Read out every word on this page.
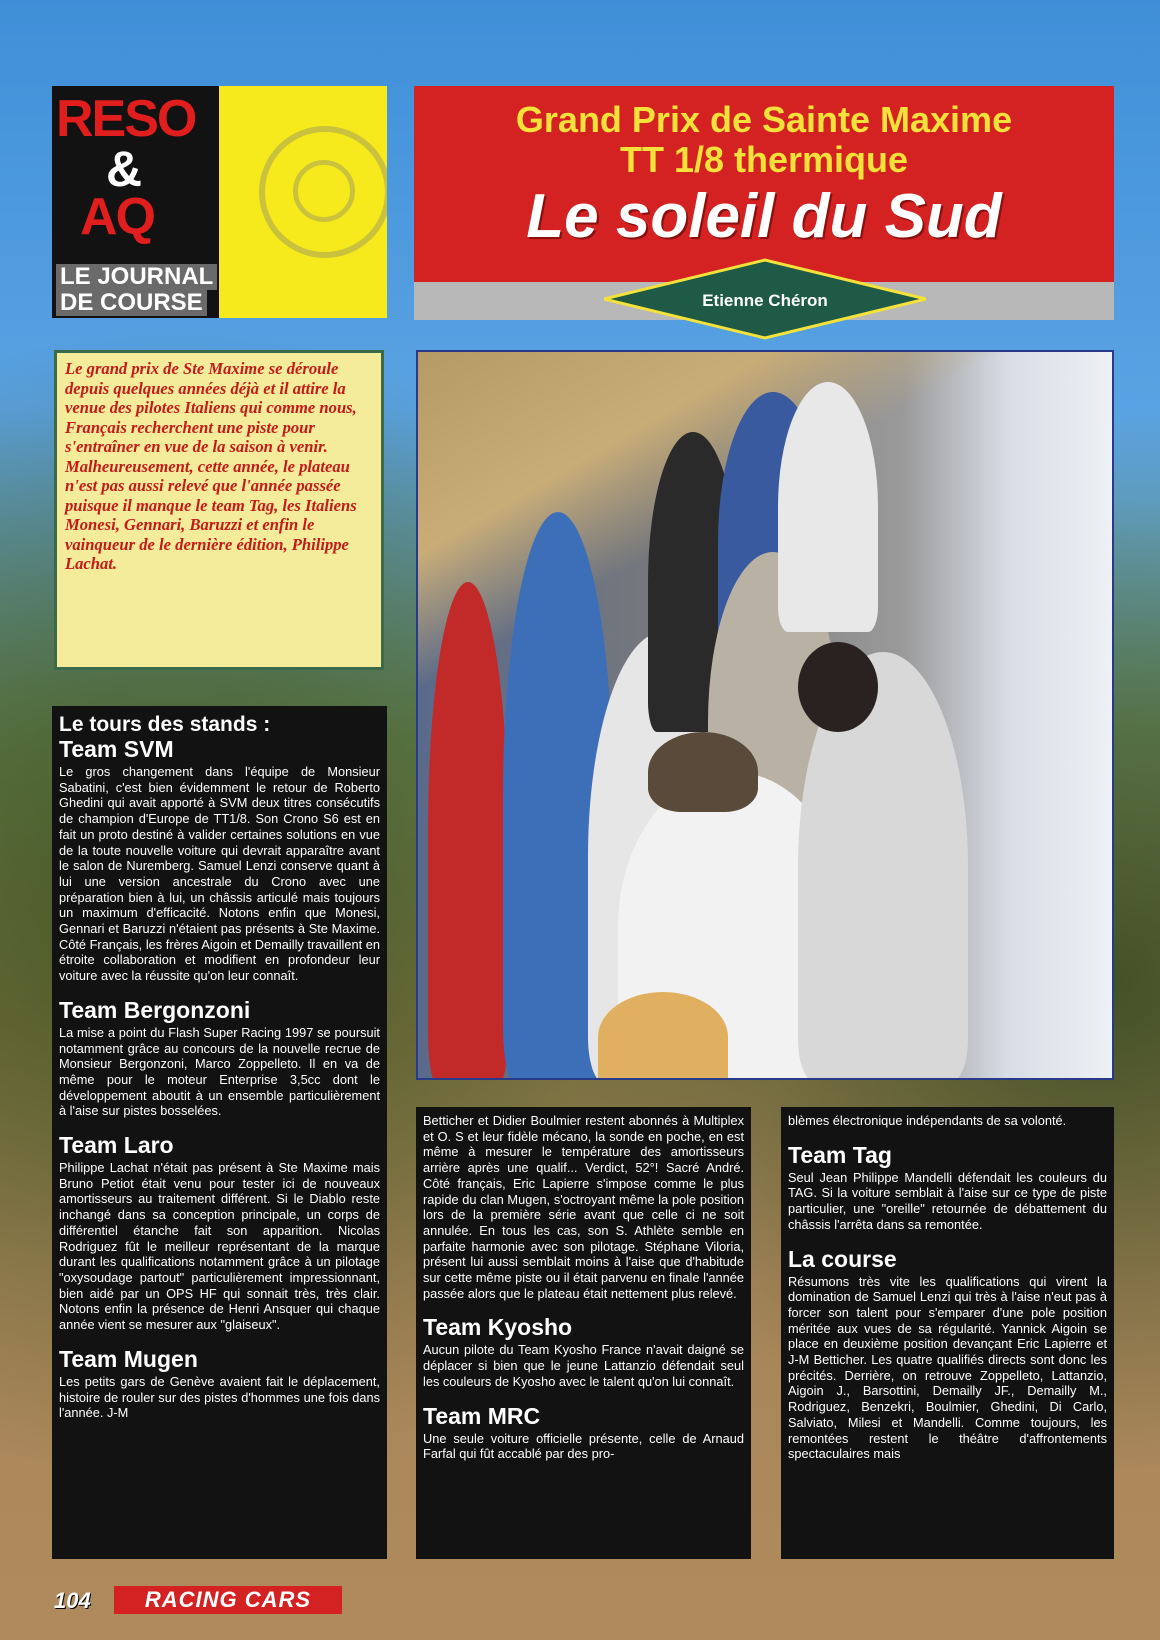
RESO
&
AQ
LE JOURNAL
DE COURSE
Grand Prix de Sainte Maxime
TT 1/8 thermique
Le soleil du Sud
Etienne Chéron
Le grand prix de Ste Maxime se déroule depuis quelques années déjà et il attire la venue des pilotes Italiens qui comme nous, Français recherchent une piste pour s'entraîner en vue de la saison à venir. Malheureusement, cette année, le plateau n'est pas aussi relevé que l'année passée puisque il manque le team Tag, les Italiens Monesi, Gennari, Baruzzi et enfin le vainqueur de le dernière édition, Philippe Lachat.
Le tours des stands :
Team SVM

Le gros changement dans l'équipe de Monsieur Sabatini, c'est bien évidemment le retour de Roberto Ghedini qui avait apporté à SVM deux titres consécutifs de champion d'Europe de TT1/8. Son Crono S6 est en fait un proto destiné à valider certaines solutions en vue de la toute nouvelle voiture qui devrait apparaître avant le salon de Nuremberg. Samuel Lenzi conserve quant à lui une version ancestrale du Crono avec une préparation bien à lui, un châssis articulé mais toujours un maximum d'efficacité. Notons enfin que Monesi, Gennari et Baruzzi n'étaient pas présents à Ste Maxime. Côté Français, les frères Aigoin et Demailly travaillent en étroite collaboration et modifient en profondeur leur voiture avec la réussite qu'on leur connaît.

Team Bergonzoni

La mise a point du Flash Super Racing 1997 se poursuit notamment grâce au concours de la nouvelle recrue de Monsieur Bergonzoni, Marco Zoppelleto. Il en va de même pour le moteur Enterprise 3,5cc dont le développement aboutit à un ensemble particulièrement à l'aise sur pistes bosselées.

Team Laro

Philippe Lachat n'était pas présent à Ste Maxime mais Bruno Petiot était venu pour tester ici de nouveaux amortisseurs au traitement différent. Si le Diablo reste inchangé dans sa conception principale, un corps de différentiel étanche fait son apparition. Nicolas Rodriguez fût le meilleur représentant de la marque durant les qualifications notamment grâce à un pilotage "oxysoudage partout" particulièrement impressionnant, bien aidé par un OPS HF qui sonnait très, très clair. Notons enfin la présence de Henri Ansquer qui chaque année vient se mesurer aux "glaiseux".

Team Mugen

Les petits gars de Genève avaient fait le déplacement, histoire de rouler sur des pistes d'hommes une fois dans l'année. J-M

Betticher et Didier Boulmier restent abonnés à Multiplex et O. S et leur fidèle mécano, la sonde en poche, en est même à mesurer le température des amortisseurs arrière après une qualif... Verdict, 52°! Sacré André. Côté français, Eric Lapierre s'impose comme le plus rapide du clan Mugen, s'octroyant même la pole position lors de la première série avant que celle ci ne soit annulée. En tous les cas, son S. Athlète semble en parfaite harmonie avec son pilotage. Stéphane Viloria, présent lui aussi semblait moins à l'aise que d'habitude sur cette même piste ou il était parvenu en finale l'année passée alors que le plateau était nettement plus relevé.

Team Kyosho

Aucun pilote du Team Kyosho France n'avait daigné se déplacer si bien que le jeune Lattanzio défendait seul les couleurs de Kyosho avec le talent qu'on lui connaît.

Team MRC

Une seule voiture officielle présente, celle de Arnaud Farfal qui fût accablé par des pro-

blèmes électronique indépendants de sa volonté.

Team Tag

Seul Jean Philippe Mandelli défendait les couleurs du TAG. Si la voiture semblait à l'aise sur ce type de piste particulier, une "oreille" retournée de débattement du châssis l'arrêta dans sa remontée.

La course

Résumons très vite les qualifications qui virent la domination de Samuel Lenzi qui très à l'aise n'eut pas à forcer son talent pour s'emparer d'une pole position méritée aux vues de sa régularité. Yannick Aigoin se place en deuxième position devançant Eric Lapierre et J-M Betticher. Les quatre qualifiés directs sont donc les précités. Derrière, on retrouve Zoppelleto, Lattanzio, Aigoin J., Barsottini, Demailly JF., Demailly M., Rodriguez, Benzekri, Boulmier, Ghedini, Di Carlo, Salviato, Milesi et Mandelli. Comme toujours, les remontées restent le théâtre d'affrontements spectaculaires mais

104	RACING CARS
